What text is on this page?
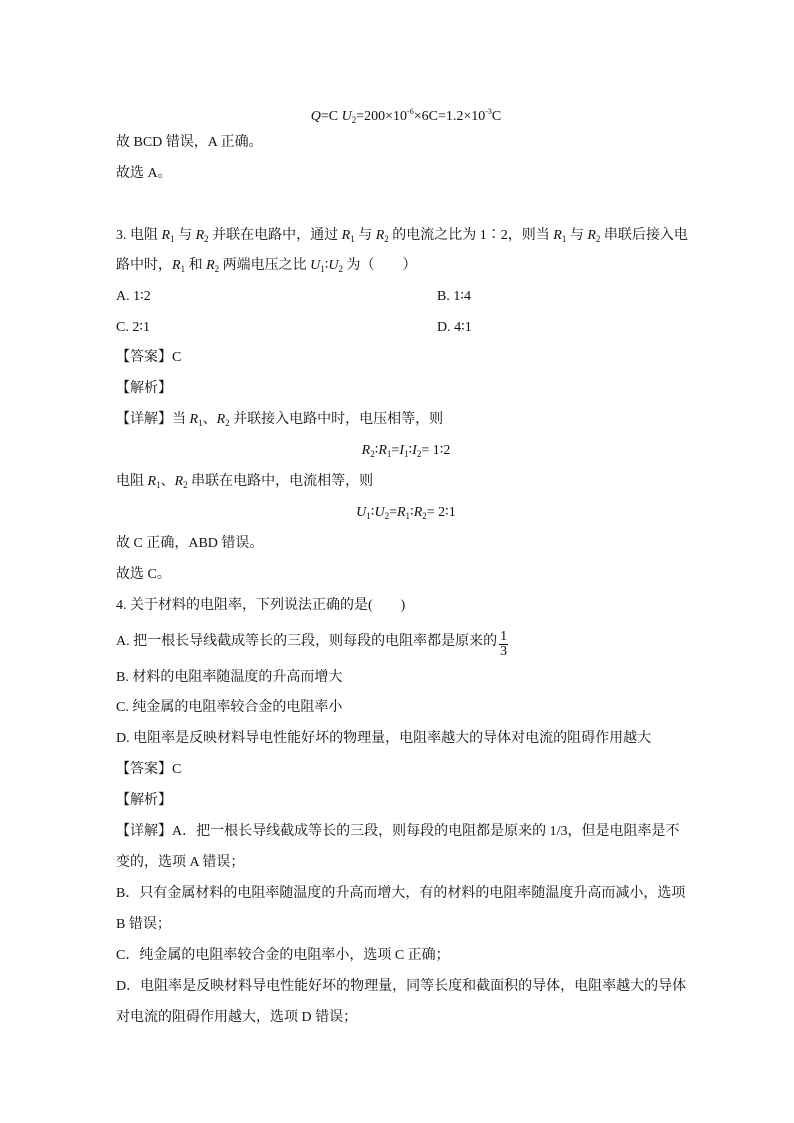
Q=C $U_2=200\times 10^{-6}\times 6C=1.2\times 10^{-3}C$
故 BCD 错误，A 正确。
故选 A。
3. 电阻 $R_1$ 与 $R_2$ 并联在电路中，通过 $R_1$ 与 $R_2$ 的电流之比为 1∶2，则当 $R_1$ 与 $R_2$ 串联后接入电
路中时，$R_1$ 和 $R_2$ 两端电压之比 $U_1∶U_2$ 为（　　）
A. 1∶2	B. 1∶4
C. 2∶1	D. 4∶1
【答案】C
【解析】
【详解】当 $R_1$、$R_2$ 并联接入电路中时，电压相等，则
$R_2∶R_1=I_1∶I_2=$ 1∶2
电阻 $R_1$、$R_2$ 串联在电路中，电流相等，则
$U_1∶U_2=R_1∶R_2=$ 2∶1
故 C 正确，ABD 错误。
故选 C。
4. 关于材料的电阻率，下列说法正确的是(　　)
A. 把一根长导线截成等长的三段，则每段的电阻率都是原来的 $\frac{1}{3}$
B. 材料的电阻率随温度的升高而增大
C. 纯金属的电阻率较合金的电阻率小
D. 电阻率是反映材料导电性能好坏的物理量，电阻率越大的导体对电流的阻碍作用越大
【答案】C
【解析】
【详解】A．把一根长导线截成等长的三段，则每段的电阻都是原来的 1/3，但是电阻率是不
变的，选项 A 错误；
B．只有金属材料的电阻率随温度的升高而增大，有的材料的电阻率随温度升高而减小，选项
B 错误；
C．纯金属的电阻率较合金的电阻率小，选项 C 正确；
D．电阻率是反映材料导电性能好坏的物理量，同等长度和截面积的导体，电阻率越大的导体
对电流的阻碍作用越大，选项 D 错误；
